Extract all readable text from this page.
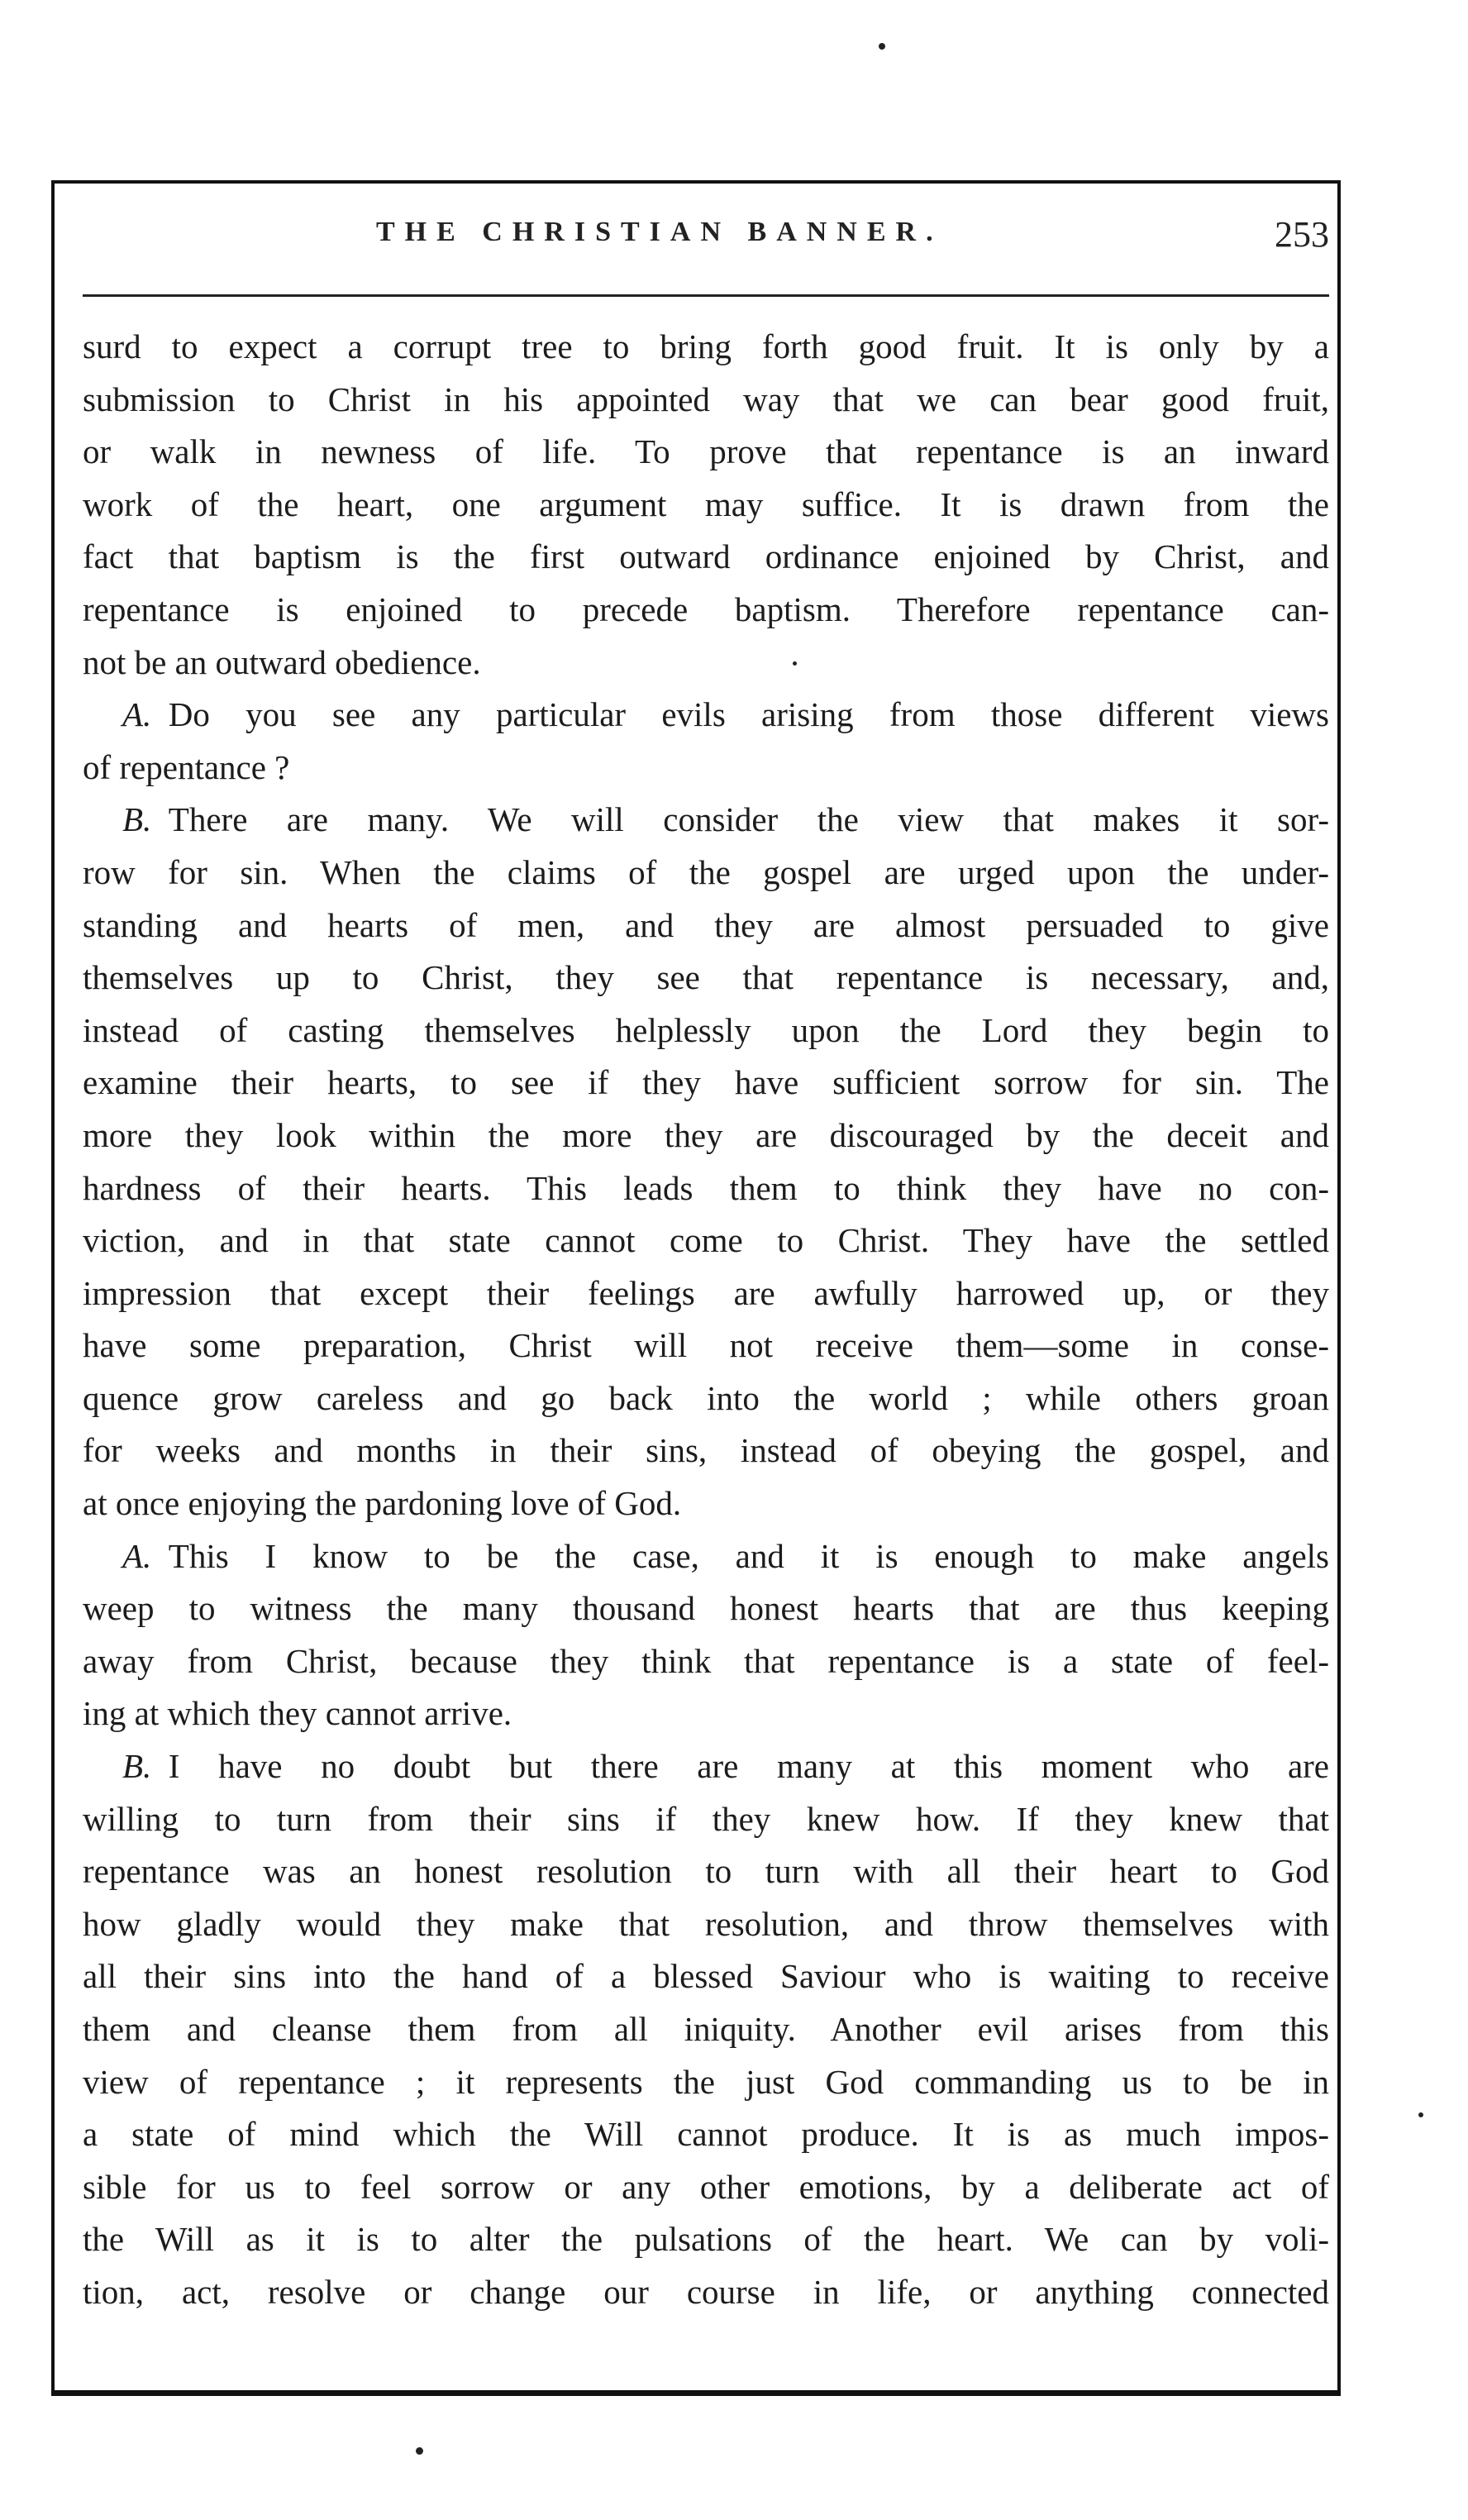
THE CHRISTIAN BANNER.	253
surd to expect a corrupt tree to bring forth good fruit. It is only by a
submission to Christ in his appointed way that we can bear good fruit,
or walk in newness of life. To prove that repentance is an inward
work of the heart, one argument may suffice. It is drawn from the
fact that baptism is the first outward ordinance enjoined by Christ, and
repentance is enjoined to precede baptism. Therefore repentance can-
not be an outward obedience.
A.  Do you see any particular evils arising from those different views
of repentance ?
B.  There are many. We will consider the view that makes it sor-
row for sin. When the claims of the gospel are urged upon the under-
standing and hearts of men, and they are almost persuaded to give
themselves up to Christ, they see that repentance is necessary, and,
instead of casting themselves helplessly upon the Lord they begin to
examine their hearts, to see if they have sufficient sorrow for sin. The
more they look within the more they are discouraged by the deceit and
hardness of their hearts. This leads them to think they have no con-
viction, and in that state cannot come to Christ. They have the settled
impression that except their feelings are awfully harrowed up, or they
have some preparation, Christ will not receive them—some in conse-
quence grow careless and go back into the world ; while others groan
for weeks and months in their sins, instead of obeying the gospel, and
at once enjoying the pardoning love of God.
A.  This I know to be the case, and it is enough to make angels
weep to witness the many thousand honest hearts that are thus keeping
away from Christ, because they think that repentance is a state of feel-
ing at which they cannot arrive.
B.  I have no doubt but there are many at this moment who are
willing to turn from their sins if they knew how. If they knew that
repentance was an honest resolution to turn with all their heart to God
how gladly would they make that resolution, and throw themselves with
all their sins into the hand of a blessed Saviour who is waiting to receive
them and cleanse them from all iniquity. Another evil arises from this
view of repentance ; it represents the just God commanding us to be in
a state of mind which the Will cannot produce. It is as much impos-
sible for us to feel sorrow or any other emotions, by a deliberate act of
the Will as it is to alter the pulsations of the heart. We can by voli-
tion, act, resolve or change our course in life, or anything connected
